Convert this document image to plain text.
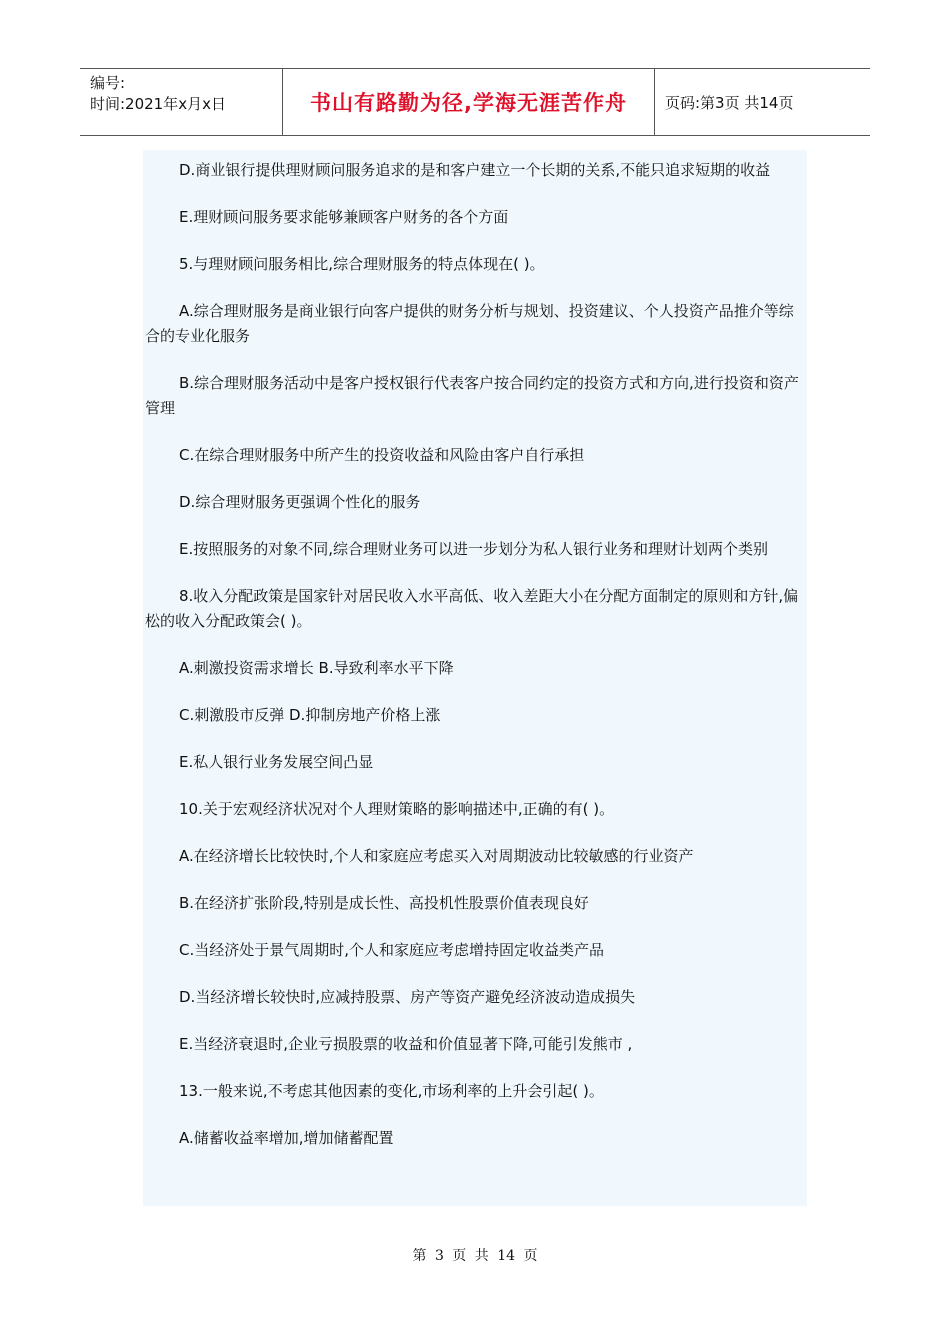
编号:
时间:2021年x月x日	书山有路勤为径,学海无涯苦作舟	页码:第3页 共14页

D.商业银行提供理财顾问服务追求的是和客户建立一个长期的关系,不能只追求短期的收益

E.理财顾问服务要求能够兼顾客户财务的各个方面

5.与理财顾问服务相比,综合理财服务的特点体现在( )。

A.综合理财服务是商业银行向客户提供的财务分析与规划、投资建议、个人投资产品推介等综合的专业化服务

B.综合理财服务活动中是客户授权银行代表客户按合同约定的投资方式和方向,进行投资和资产管理

C.在综合理财服务中所产生的投资收益和风险由客户自行承担

D.综合理财服务更强调个性化的服务

E.按照服务的对象不同,综合理财业务可以进一步划分为私人银行业务和理财计划两个类别

8.收入分配政策是国家针对居民收入水平高低、收入差距大小在分配方面制定的原则和方针,偏松的收入分配政策会( )。

A.刺激投资需求增长 B.导致利率水平下降

C.刺激股市反弹 D.抑制房地产价格上涨

E.私人银行业务发展空间凸显

10.关于宏观经济状况对个人理财策略的影响描述中,正确的有( )。

A.在经济增长比较快时,个人和家庭应考虑买入对周期波动比较敏感的行业资产

B.在经济扩张阶段,特别是成长性、高投机性股票价值表现良好

C.当经济处于景气周期时,个人和家庭应考虑增持固定收益类产品

D.当经济增长较快时,应减持股票、房产等资产避免经济波动造成损失

E.当经济衰退时,企业亏损股票的收益和价值显著下降,可能引发熊市 ,

13.一般来说,不考虑其他因素的变化,市场利率的上升会引起( )。

A.储蓄收益率增加,增加储蓄配置

第 3 页 共 14 页
